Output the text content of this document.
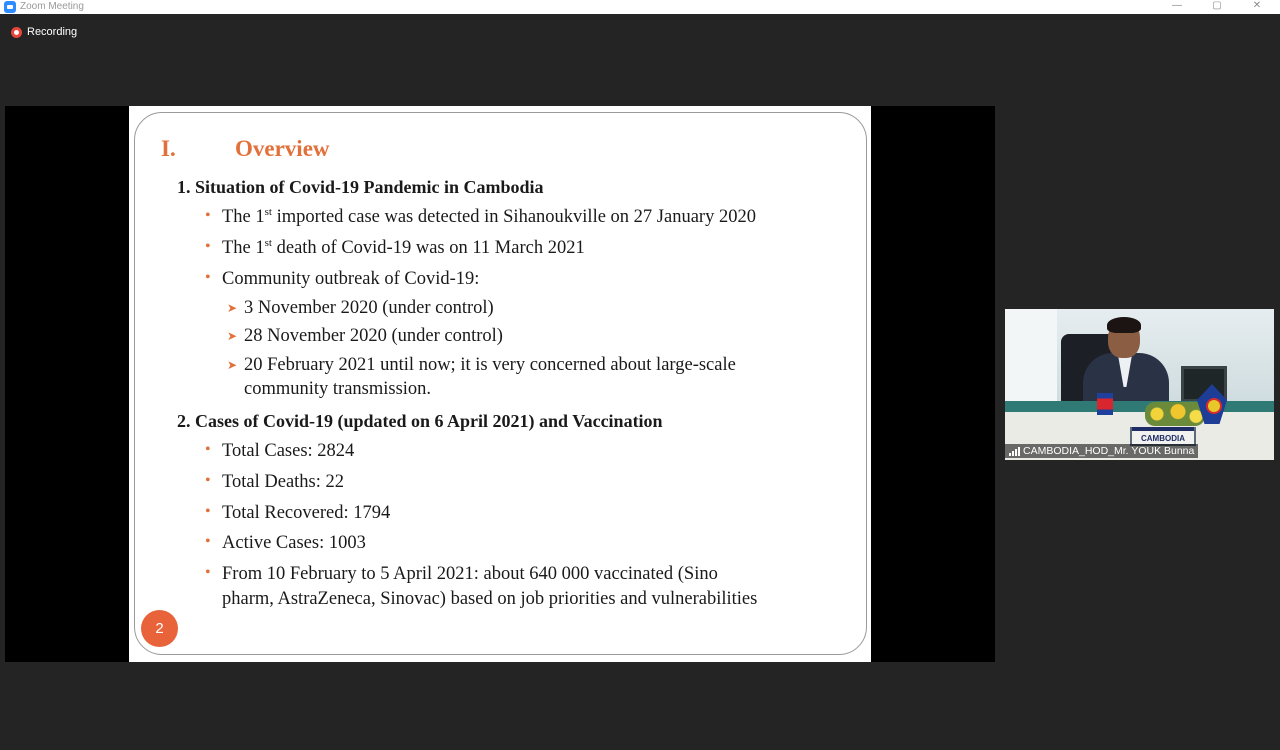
Zoom Meeting	—	▢	✕
Recording
I.	Overview
1. Situation of Covid-19 Pandemic in Cambodia
• The 1st imported case was detected in Sihanoukville on 27 January 2020
• The 1st death of Covid-19 was on 11 March 2021
• Community outbreak of Covid-19:
➤ 3 November 2020 (under control)
➤ 28 November 2020 (under control)
➤ 20 February 2021 until now; it is very concerned about large-scale
community transmission.
2. Cases of Covid-19 (updated on 6 April 2021) and Vaccination
• Total Cases: 2824
• Total Deaths: 22
• Total Recovered: 1794
• Active Cases: 1003
• From 10 February to 5 April 2021: about 640 000 vaccinated (Sino
pharm, AstraZeneca, Sinovac) based on job priorities and vulnerabilities
2
CAMBODIA
CAMBODIA_HOD_Mr. YOUK Bunna
